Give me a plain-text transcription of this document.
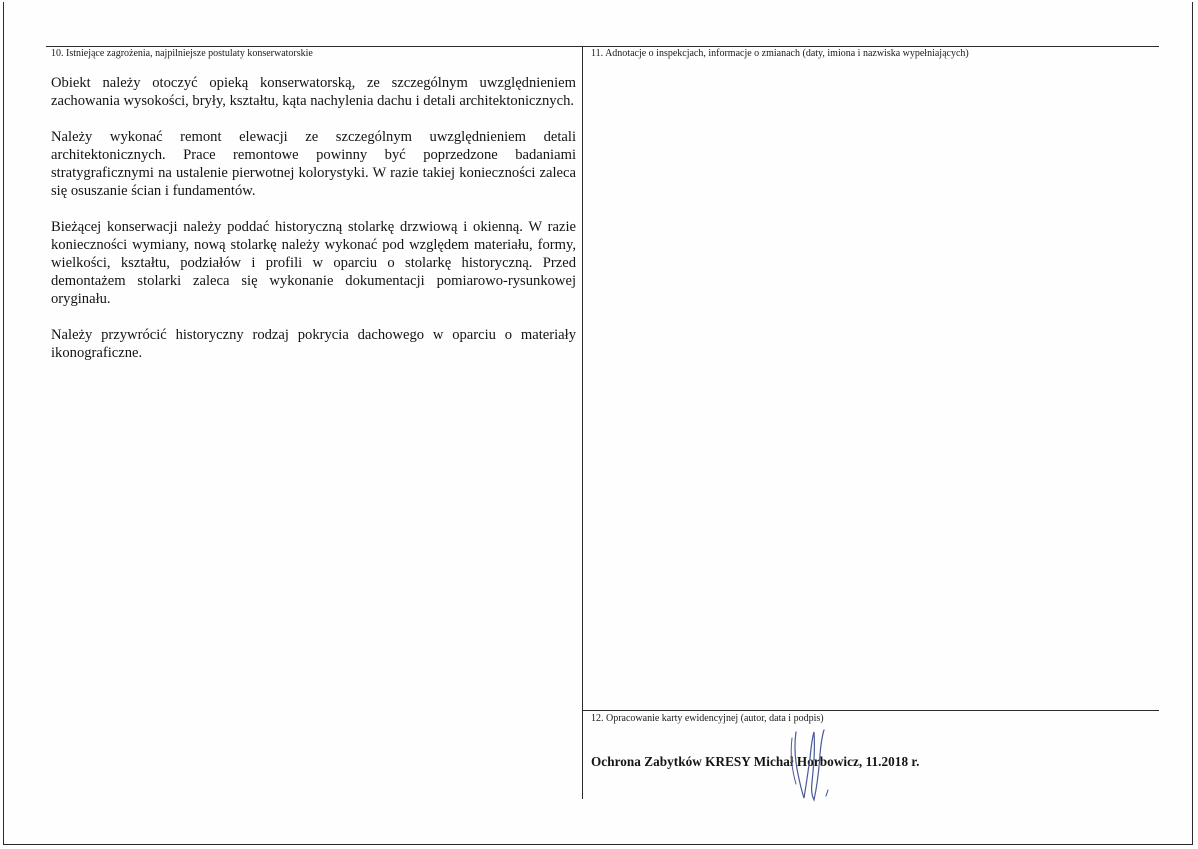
10. Istniejące zagrożenia, najpilniejsze postulaty konserwatorskie	11. Adnotacje o inspekcjach, informacje o zmianach (daty, imiona i nazwiska wypełniających)

Obiekt należy otoczyć opieką konserwatorską, ze szczególnym uwzględnieniem zachowania wysokości, bryły, kształtu, kąta nachylenia dachu i detali architektonicznych.

Należy wykonać remont elewacji ze szczególnym uwzględnieniem detali architektonicznych. Prace remontowe powinny być poprzedzone badaniami stratygraficznymi na ustalenie pierwotnej kolorystyki. W razie takiej konieczności zaleca się osuszanie ścian i fundamentów.

Bieżącej konserwacji należy poddać historyczną stolarkę drzwiową i okienną. W razie konieczności wymiany, nową stolarkę należy wykonać pod względem materiału, formy, wielkości, kształtu, podziałów i profili w oparciu o stolarkę historyczną. Przed demontażem stolarki zaleca się wykonanie dokumentacji pomiarowo-rysunkowej oryginału.

Należy przywrócić historyczny rodzaj pokrycia dachowego w oparciu o materiały ikonograficzne.

12. Opracowanie karty ewidencyjnej (autor, data i podpis)
Ochrona Zabytków KRESY Michał Horbowicz, 11.2018 r.
